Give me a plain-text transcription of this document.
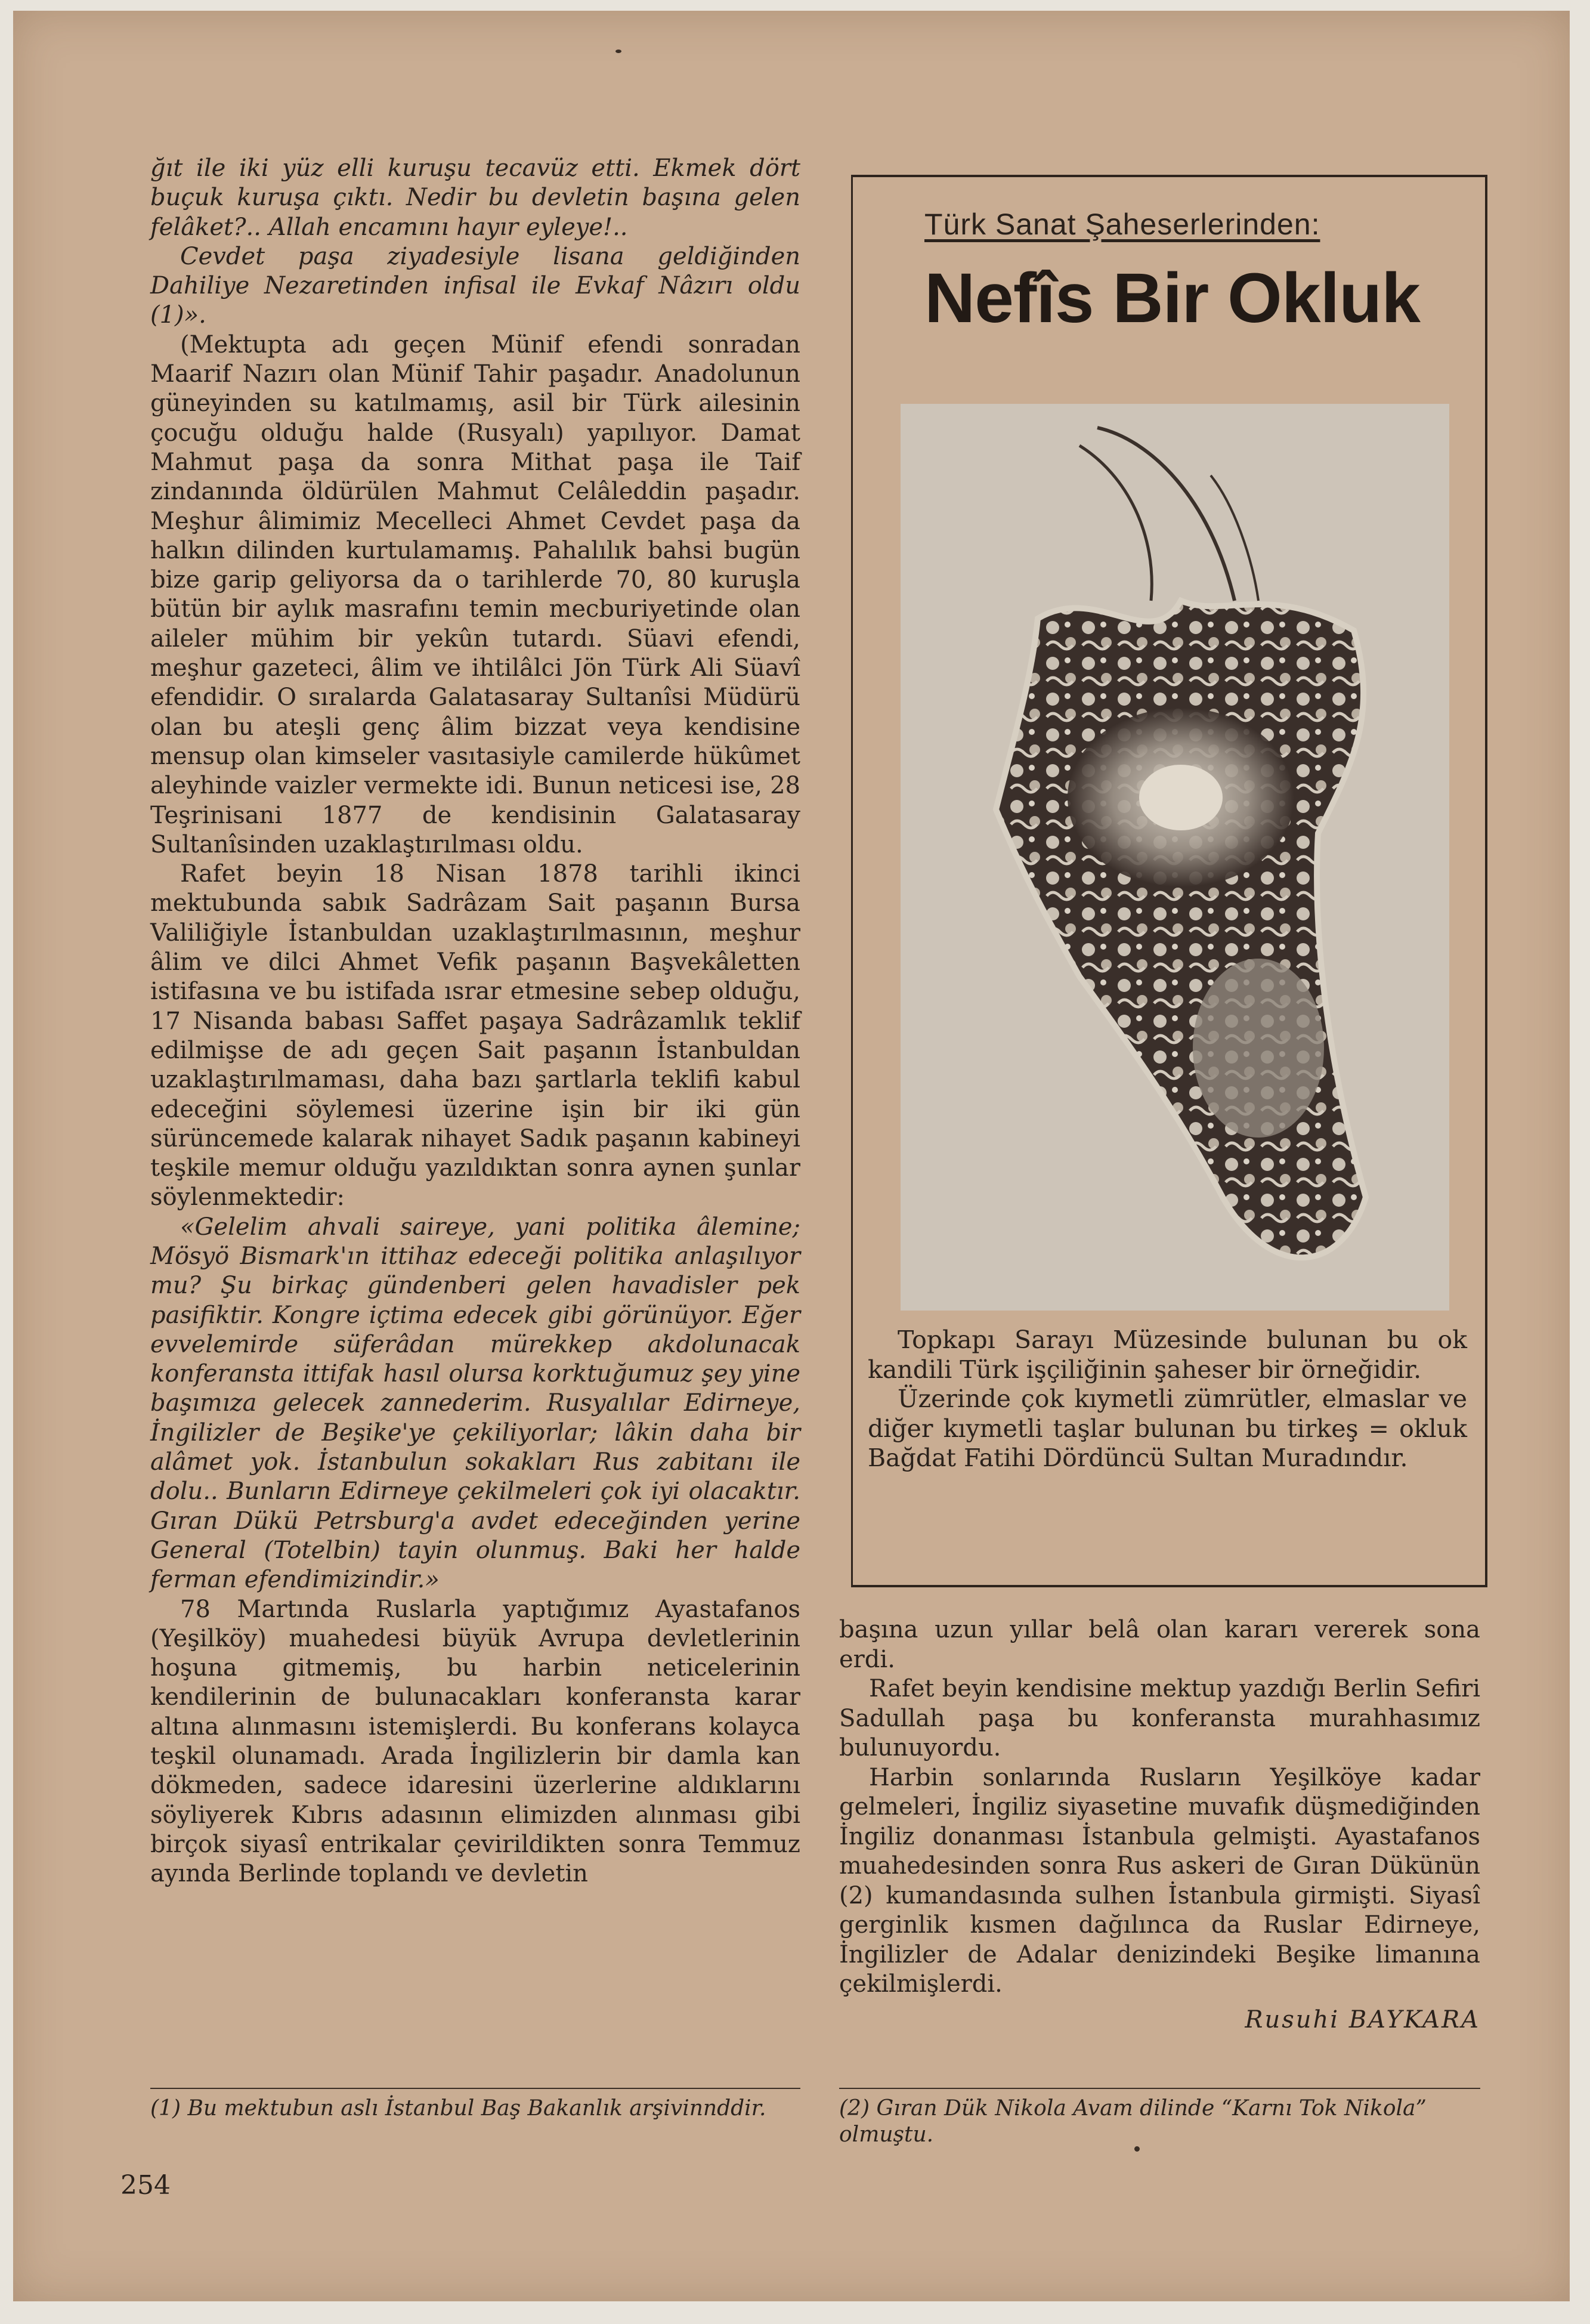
ğıt ile iki yüz elli kuruşu tecavüz etti. Ekmek dört buçuk kuruşa çıktı. Nedir bu devletin başına gelen felâket?.. Allah encamını hayır eyleye!..

Cevdet paşa ziyadesiyle lisana geldiğinden Dahiliye Nezaretinden infisal ile Evkaf Nâzırı oldu (1)».

(Mektupta adı geçen Münif efendi sonradan Maarif Nazırı olan Münif Tahir paşadır. Anadolunun güneyinden su katılmamış, asil bir Türk ailesinin çocuğu olduğu halde (Rusyalı) yapılıyor. Damat Mahmut paşa da sonra Mithat paşa ile Taif zindanında öldürülen Mahmut Celâleddin paşadır. Meşhur âlimimiz Mecelleci Ahmet Cevdet paşa da halkın dilinden kurtulamamış. Pahalılık bahsi bugün bize garip geliyorsa da o tarihlerde 70, 80 kuruşla bütün bir aylık masrafını temin mecburiyetinde olan aileler mühim bir yekûn tutardı. Süavi efendi, meşhur gazeteci, âlim ve ihtilâlci Jön Türk Ali Süavî efendidir. O sıralarda Galatasaray Sultanîsi Müdürü olan bu ateşli genç âlim bizzat veya kendisine mensup olan kimseler vasıtasiyle camilerde hükûmet aleyhinde vaizler vermekte idi. Bunun neticesi ise, 28 Teşrinisani 1877 de kendisinin Galatasaray Sultanîsinden uzaklaştırılması oldu.

Rafet beyin 18 Nisan 1878 tarihli ikinci mektubunda sabık Sadrâzam Sait paşanın Bursa Valiliğiyle İstanbuldan uzaklaştırılmasının, meşhur âlim ve dilci Ahmet Vefik paşanın Başvekâletten istifasına ve bu istifada ısrar etmesine sebep olduğu, 17 Nisanda babası Saffet paşaya Sadrâzamlık teklif edilmişse de adı geçen Sait paşanın İstanbuldan uzaklaştırılmaması, daha bazı şartlarla teklifi kabul edeceğini söylemesi üzerine işin bir iki gün sürüncemede kalarak nihayet Sadık paşanın kabineyi teşkile memur olduğu yazıldıktan sonra aynen şunlar söylenmektedir:

«Gelelim ahvali saireye, yani politika âlemine; Mösyö Bismark'ın ittihaz edeceği politika anlaşılıyor mu? Şu birkaç gündenberi gelen havadisler pek pasifiktir. Kongre içtima edecek gibi görünüyor. Eğer evvelemirde süferâdan mürekkep akdolunacak konferansta ittifak hasıl olursa korktuğumuz şey yine başımıza gelecek zannederim. Rusyalılar Edirneye, İngilizler de Beşike'ye çekiliyorlar; lâkin daha bir alâmet yok. İstanbulun sokakları Rus zabitanı ile dolu.. Bunların Edirneye çekilmeleri çok iyi olacaktır. Gıran Dükü Petrsburg'a avdet edeceğinden yerine General (Totelbin) tayin olunmuş. Baki her halde ferman efendimizindir.»

78 Martında Ruslarla yaptığımız Ayastafanos (Yeşilköy) muahedesi büyük Avrupa devletlerinin hoşuna gitmemiş, bu harbin neticelerinin kendilerinin de bulunacakları konferansta karar altına alınmasını istemişlerdi. Bu konferans kolayca teşkil olunamadı. Arada İngilizlerin bir damla kan dökmeden, sadece idaresini üzerlerine aldıklarını söyliyerek Kıbrıs adasının elimizden alınması gibi birçok siyasî entrikalar çevirildikten sonra Temmuz ayında Berlinde toplandı ve devletin

(1) Bu mektubun aslı İstanbul Baş Bakanlık arşivinnddir.
254
Türk Sanat Şaheserlerinden:
Nefîs Bir Okluk

Topkapı Sarayı Müzesinde bulunan bu ok kandili Türk işçiliğinin şaheser bir örneğidir.

Üzerinde çok kıymetli zümrütler, elmaslar ve diğer kıymetli taşlar bulunan bu tirkeş = okluk Bağdat Fatihi Dördüncü Sultan Muradındır.

başına uzun yıllar belâ olan kararı vererek sona erdi.

Rafet beyin kendisine mektup yazdığı Berlin Sefiri Sadullah paşa bu konferansta murahhasımız bulunuyordu.

Harbin sonlarında Rusların Yeşilköye kadar gelmeleri, İngiliz siyasetine muvafık düşmediğinden İngiliz donanması İstanbula gelmişti. Ayastafanos muahedesinden sonra Rus askeri de Gıran Dükünün (2) kumandasında sulhen İstanbula girmişti. Siyasî gerginlik kısmen dağılınca da Ruslar Edirneye, İngilizler de Adalar denizindeki Beşike limanına çekilmişlerdi.

Rusuhi BAYKARA

(2) Gıran Dük Nikola Avam dilinde “Karnı Tok Nikola” olmuştu.
